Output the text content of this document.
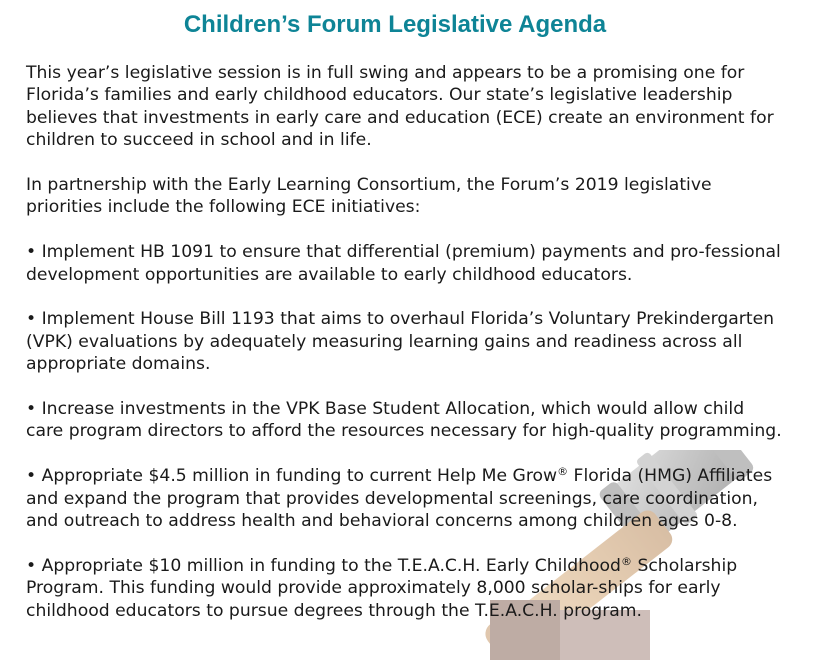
Children’s Forum Legislative Agenda

This year’s legislative session is in full swing and appears to be a promising one for Florida’s families and early childhood educators. Our state’s legislative leadership believes that investments in early care and education (ECE) create an environment for children to succeed in school and in life.

In partnership with the Early Learning Consortium, the Forum’s 2019 legislative priorities include the following ECE initiatives:

• Implement HB 1091 to ensure that differential (premium) payments and pro-fessional development opportunities are available to early childhood educators.

• Implement House Bill 1193 that aims to overhaul Florida’s Voluntary Prekindergarten (VPK) evaluations by adequately measuring learning gains and readiness across all appropriate domains.

• Increase investments in the VPK Base Student Allocation, which would allow child care program directors to afford the resources necessary for high-quality programming.

• Appropriate $4.5 million in funding to current Help Me Grow® Florida (HMG) Affiliates and expand the program that provides developmental screenings, care coordination, and outreach to address health and behavioral concerns among children ages 0-8.

• Appropriate $10 million in funding to the T.E.A.C.H. Early Childhood® Scholarship Program. This funding would provide approximately 8,000 scholar-ships for early childhood educators to pursue degrees through the T.E.A.C.H. program.
